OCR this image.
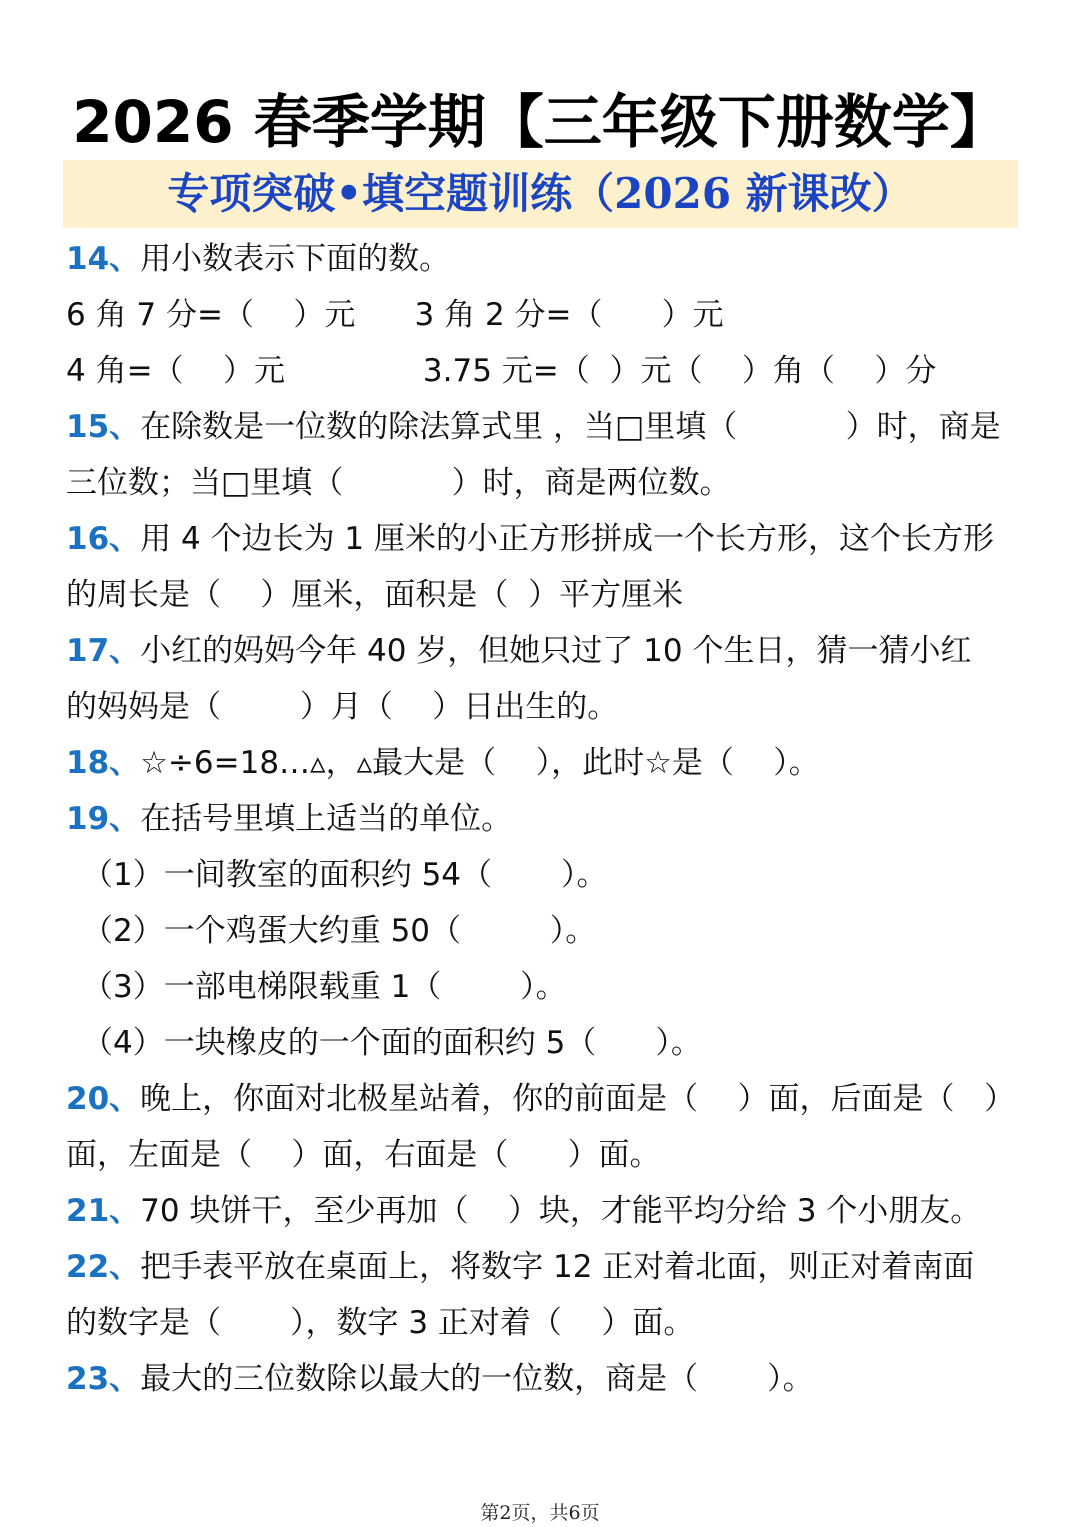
2026 春季学期【三年级下册数学】
专项突破•填空题训练（2026 新课改）
14、用小数表示下面的数。
6 角 7 分=（    ）元      3 角 2 分=（      ）元
4 角=（    ）元              3.75 元=（  ）元（    ）角（    ）分
15、在除数是一位数的除法算式里 ，当□里填（           ）时，商是
三位数；当□里填（           ）时，商是两位数。
16、用 4 个边长为 1 厘米的小正方形拼成一个长方形，这个长方形
的周长是（    ）厘米，面积是（  ）平方厘米
17、小红的妈妈今年 40 岁，但她只过了 10 个生日，猜一猜小红
的妈妈是（        ）月（    ）日出生的。
18、☆÷6=18…▵，▵最大是（    ），此时☆是（    ）。
19、在括号里填上适当的单位。
（1）一间教室的面积约 54（       ）。
（2）一个鸡蛋大约重 50（         ）。
（3）一部电梯限载重 1（        ）。
（4）一块橡皮的一个面的面积约 5（      ）。
20、晚上，你面对北极星站着，你的前面是（    ）面，后面是（   ）
面，左面是（    ）面，右面是（      ）面。
21、70 块饼干，至少再加（    ）块，才能平均分给 3 个小朋友。
22、把手表平放在桌面上，将数字 12 正对着北面，则正对着南面
的数字是（       ），数字 3 正对着（    ）面。
23、最大的三位数除以最大的一位数，商是（       ）。
第2页，共6页
